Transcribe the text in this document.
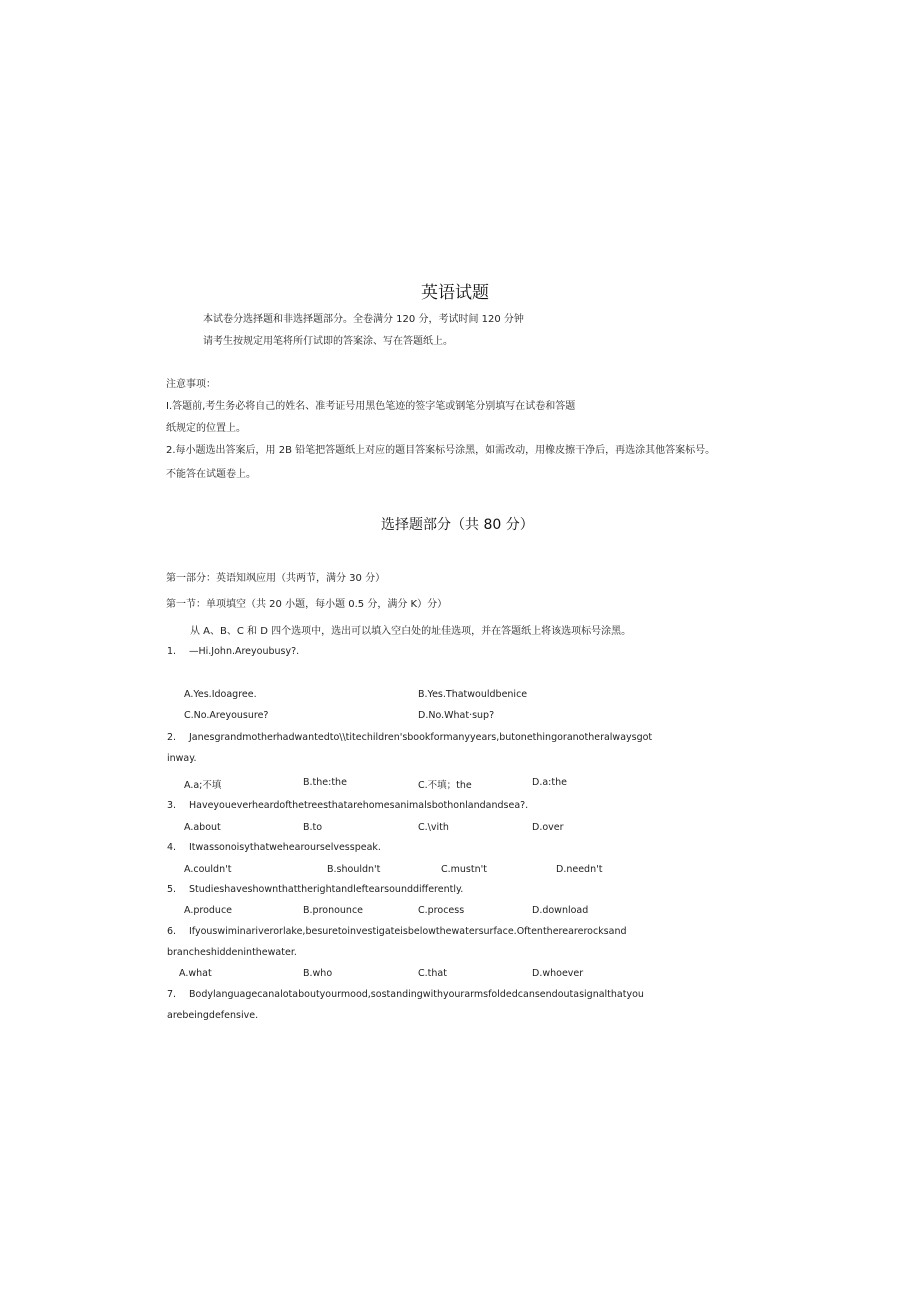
英语试题
本试卷分选择题和非选择题部分。全卷满分 120 分，考试时间 120 分钟
请考生按规定用笔将所仃试即的答案涂、写在答题纸上。
注意事项：
I.答题前,考生务必将自己的姓名、准考证号用黑色笔迹的签字笔或钢笔分别填写在试卷和答题
纸规定的位置上。
2.每小题选出答案后，用 2B 铅笔把答题纸上对应的题目答案标号涂黑，如需改动，用橡皮擦干净后，再选涂其他答案标号。
不能答在试题卷上。
选择题部分（共 80 分）
第一部分：英语知飒应用（共两节，满分 30 分）
第一节：单项填空（共 20 小题，每小题 0.5 分，满分 K）分）
从 A、B、C 和 D 四个选项中，选出可以填入空白处的址佳选项，并在答题纸上将该选项标号涂黑。
1. —Hi.John.Areyoubusy?.
A.Yes.Idoagree.	B.Yes.Thatwouldbenice
C.No.Areyousure?	D.No.What·sup?
2. Janesgrandmotherhadwantedto\\titechildren'sbookformanyyears,butonethingoranotheralwaysgot
inway.
A.a;不填	B.the:the	C.不填；the	D.a:the
3. Haveyoueverheardofthetreesthatarehomesanimalsbothonlandandsea?.
A.about	B.to	C.\vith	D.over
4. Itwassonoisythatwehearourselvesspeak.
A.couldn't	B.shouldn't	C.mustn't	D.needn't
5. Studieshaveshownthattherightandleftearsounddifferently.
A.produce	B.pronounce	C.process	D.download
6. Ifyouswiminariverorlake,besuretoinvestigateisbelowthewatersurface.Oftentherearerocksand
brancheshiddeninthewater.
A.what	B.who	C.that	D.whoever
7. Bodylanguagecanalotaboutyourmood,sostandingwithyourarmsfoldedcansendoutasignalthatyou
arebeingdefensive.
